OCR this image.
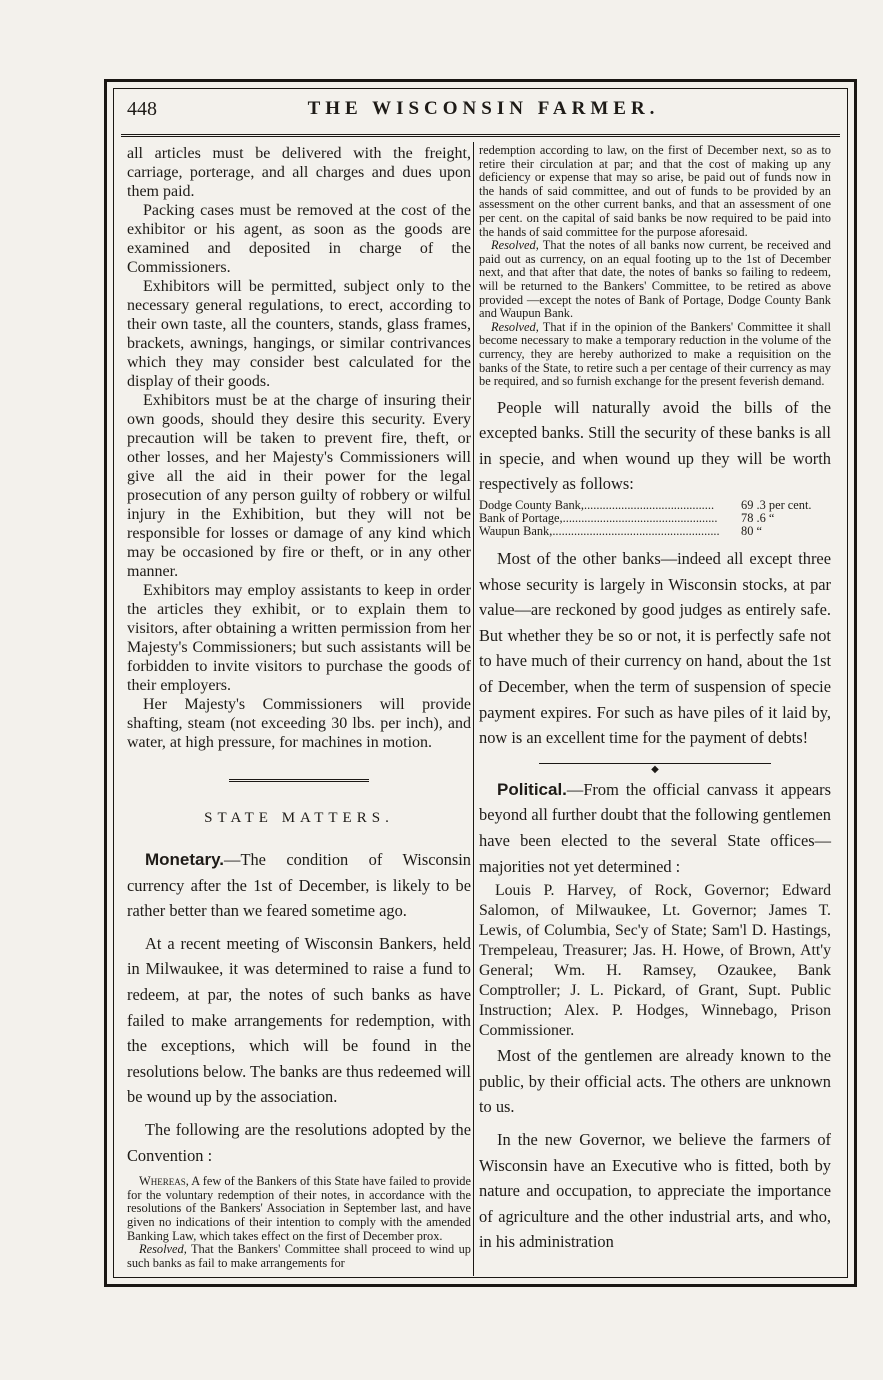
448	THE WISCONSIN FARMER.

all articles must be delivered with the freight, carriage, porterage, and all charges and dues upon them paid.

Packing cases must be removed at the cost of the exhibitor or his agent, as soon as the goods are examined and deposited in charge of the Commissioners.

Exhibitors will be permitted, subject only to the necessary general regulations, to erect, according to their own taste, all the counters, stands, glass frames, brackets, awnings, hangings, or similar contrivances which they may consider best calculated for the display of their goods.

Exhibitors must be at the charge of insuring their own goods, should they desire this security. Every precaution will be taken to prevent fire, theft, or other losses, and her Majesty's Commissioners will give all the aid in their power for the legal prosecution of any person guilty of robbery or wilful injury in the Exhibition, but they will not be responsible for losses or damage of any kind which may be occasioned by fire or theft, or in any other manner.

Exhibitors may employ assistants to keep in order the articles they exhibit, or to explain them to visitors, after obtaining a written permission from her Majesty's Commissioners; but such assistants will be forbidden to invite visitors to purchase the goods of their employers.

Her Majesty's Commissioners will provide shafting, steam (not exceeding 30 lbs. per inch), and water, at high pressure, for machines in motion.

STATE MATTERS.

Monetary.—The condition of Wisconsin currency after the 1st of December, is likely to be rather better than we feared sometime ago.

At a recent meeting of Wisconsin Bankers, held in Milwaukee, it was determined to raise a fund to redeem, at par, the notes of such banks as have failed to make arrangements for redemption, with the exceptions, which will be found in the resolutions below. The banks are thus redeemed will be wound up by the association.

The following are the resolutions adopted by the Convention :

Whereas, A few of the Bankers of this State have failed to provide for the voluntary redemption of their notes, in accordance with the resolutions of the Bankers' Association in September last, and have given no indications of their intention to comply with the amended Banking Law, which takes effect on the first of December prox.

Resolved, That the Bankers' Committee shall proceed to wind up such banks as fail to make arrangements for

redemption according to law, on the first of December next, so as to retire their circulation at par; and that the cost of making up any deficiency or expense that may so arise, be paid out of funds now in the hands of said committee, and out of funds to be provided by an assessment on the other current banks, and that an assessment of one per cent. on the capital of said banks be now required to be paid into the hands of said committee for the purpose aforesaid.

Resolved, That the notes of all banks now current, be received and paid out as currency, on an equal footing up to the 1st of December next, and that after that date, the notes of banks so failing to redeem, will be returned to the Bankers' Committee, to be retired as above provided —except the notes of Bank of Portage, Dodge County Bank and Waupun Bank.

Resolved, That if in the opinion of the Bankers' Committee it shall become necessary to make a temporary reduction in the volume of the currency, they are hereby authorized to make a requisition on the banks of the State, to retire such a per centage of their currency as may be required, and so furnish exchange for the present feverish demand.

People will naturally avoid the bills of the excepted banks. Still the security of these banks is all in specie, and when wound up they will be worth respectively as follows:

Dodge County Bank,..........................................	69 .3 per cent.
Bank of Portage,..................................................	78 .6 “
Waupun Bank,......................................................	80 “

Most of the other banks—indeed all except three whose security is largely in Wisconsin stocks, at par value—are reckoned by good judges as entirely safe. But whether they be so or not, it is perfectly safe not to have much of their currency on hand, about the 1st of December, when the term of suspension of specie payment expires. For such as have piles of it laid by, now is an excellent time for the payment of debts!

◆

Political.—From the official canvass it appears beyond all further doubt that the following gentlemen have been elected to the several State offices—majorities not yet determined :

Louis P. Harvey, of Rock, Governor; Edward Salomon, of Milwaukee, Lt. Governor; James T. Lewis, of Columbia, Sec'y of State; Sam'l D. Hastings, Trempeleau, Treasurer; Jas. H. Howe, of Brown, Att'y General; Wm. H. Ramsey, Ozaukee, Bank Comptroller; J. L. Pickard, of Grant, Supt. Public Instruction; Alex. P. Hodges, Winnebago, Prison Commissioner.

Most of the gentlemen are already known to the public, by their official acts. The others are unknown to us.

In the new Governor, we believe the farmers of Wisconsin have an Executive who is fitted, both by nature and occupation, to appreciate the importance of agriculture and the other industrial arts, and who, in his administration
